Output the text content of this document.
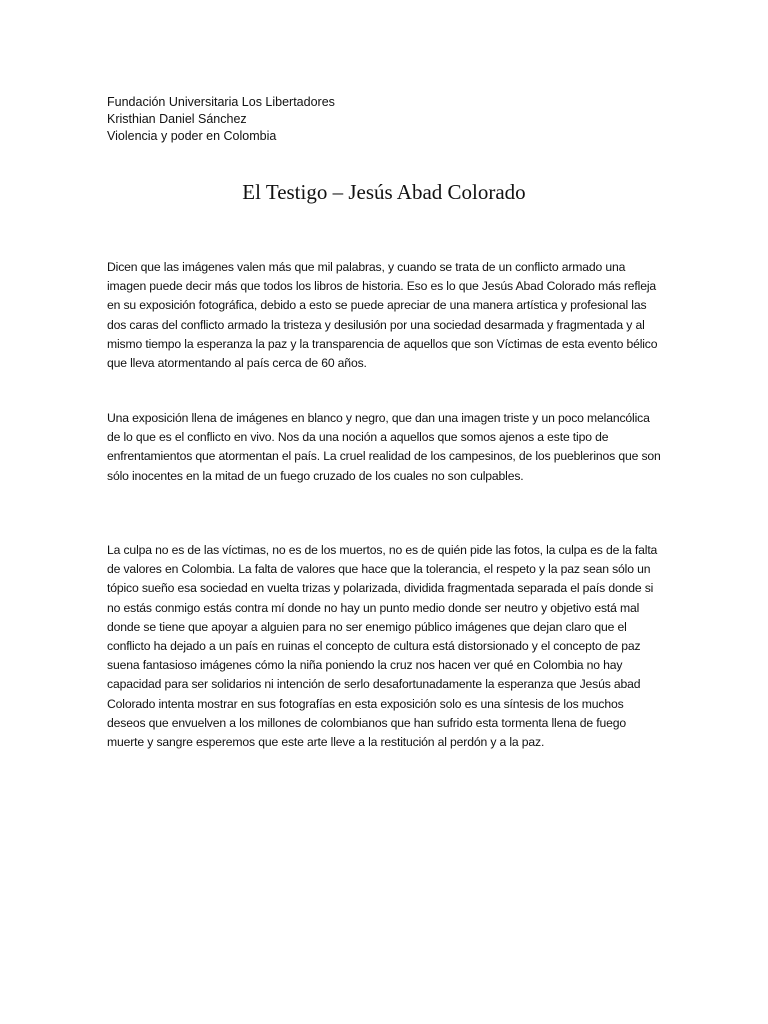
Fundación Universitaria Los Libertadores
Kristhian Daniel Sánchez
Violencia y poder en Colombia
El Testigo – Jesús Abad Colorado

Dicen que las imágenes valen más que mil palabras, y cuando se trata de un conflicto armado una imagen puede decir más que todos los libros de historia. Eso es lo que Jesús Abad Colorado más refleja en su exposición fotográfica, debido a esto se puede apreciar de una manera artística y profesional las dos caras del conflicto armado la tristeza y desilusión por una sociedad desarmada y fragmentada y al mismo tiempo la esperanza la paz y la transparencia de aquellos que son Víctimas de esta evento bélico que lleva atormentando al país cerca de 60 años.

Una exposición llena de imágenes en blanco y negro, que dan una imagen triste y un poco melancólica de lo que es el conflicto en vivo. Nos da una noción a aquellos que somos ajenos a este tipo de enfrentamientos que atormentan el país. La cruel realidad de los campesinos, de los pueblerinos que son sólo inocentes en la mitad de un fuego cruzado de los cuales no son culpables.

La culpa no es de las víctimas, no es de los muertos, no es de quién pide las fotos, la culpa es de la falta de valores en Colombia. La falta de valores que hace que la tolerancia, el respeto y la paz sean sólo un tópico sueño esa sociedad en vuelta trizas y polarizada, dividida fragmentada separada el país donde si no estás conmigo estás contra mí donde no hay un punto medio donde ser neutro y objetivo está mal donde se tiene que apoyar a alguien para no ser enemigo público imágenes que dejan claro que el conflicto ha dejado a un país en ruinas el concepto de cultura está distorsionado y el concepto de paz suena fantasioso imágenes cómo la niña poniendo la cruz nos hacen ver qué en Colombia no hay capacidad para ser solidarios ni intención de serlo desafortunadamente la esperanza que Jesús abad Colorado intenta mostrar en sus fotografías en esta exposición solo es una síntesis de los muchos deseos que envuelven a los millones de colombianos que han sufrido esta tormenta llena de fuego muerte y sangre esperemos que este arte lleve a la restitución al perdón y a la paz.
